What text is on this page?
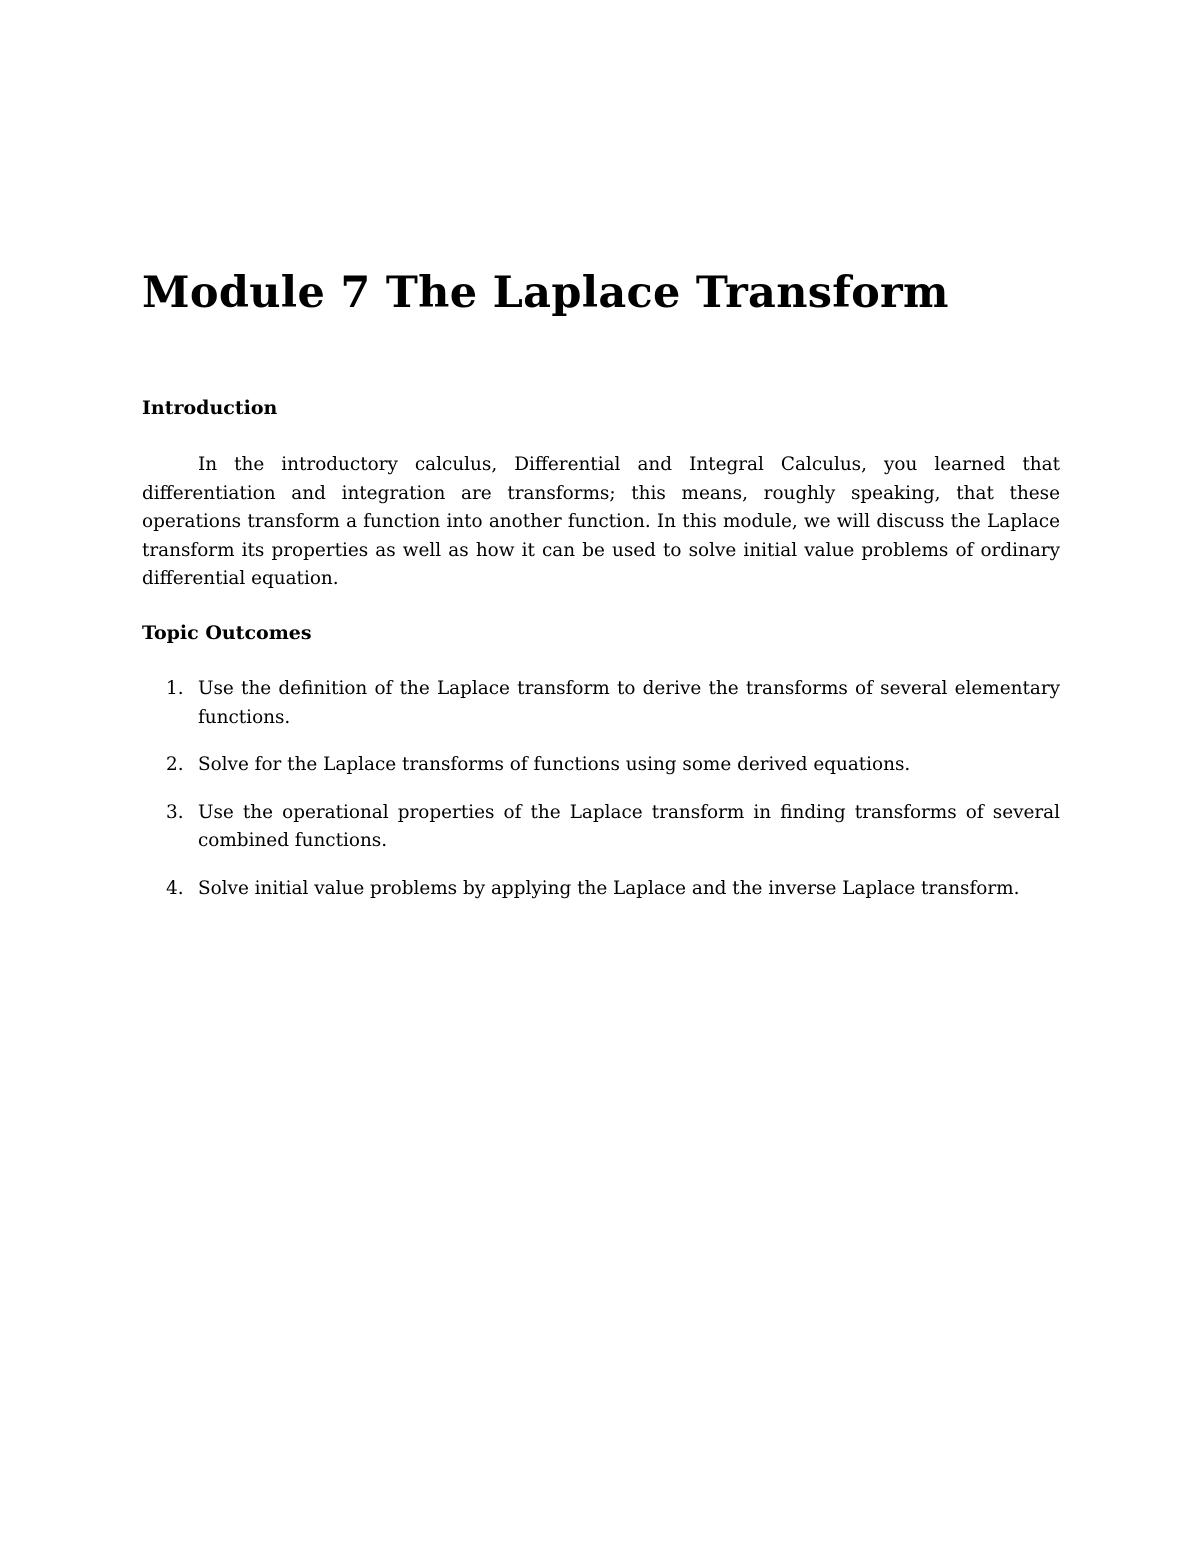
Module 7 The Laplace Transform
Introduction

In the introductory calculus, Differential and Integral Calculus, you learned that differentiation and integration are transforms; this means, roughly speaking, that these operations transform a function into another function. In this module, we will discuss the Laplace transform its properties as well as how it can be used to solve initial value problems of ordinary differential equation.

Topic Outcomes
1. Use the definition of the Laplace transform to derive the transforms of several elementary functions.
2. Solve for the Laplace transforms of functions using some derived equations.
3. Use the operational properties of the Laplace transform in finding transforms of several combined functions.
4. Solve initial value problems by applying the Laplace and the inverse Laplace transform.
